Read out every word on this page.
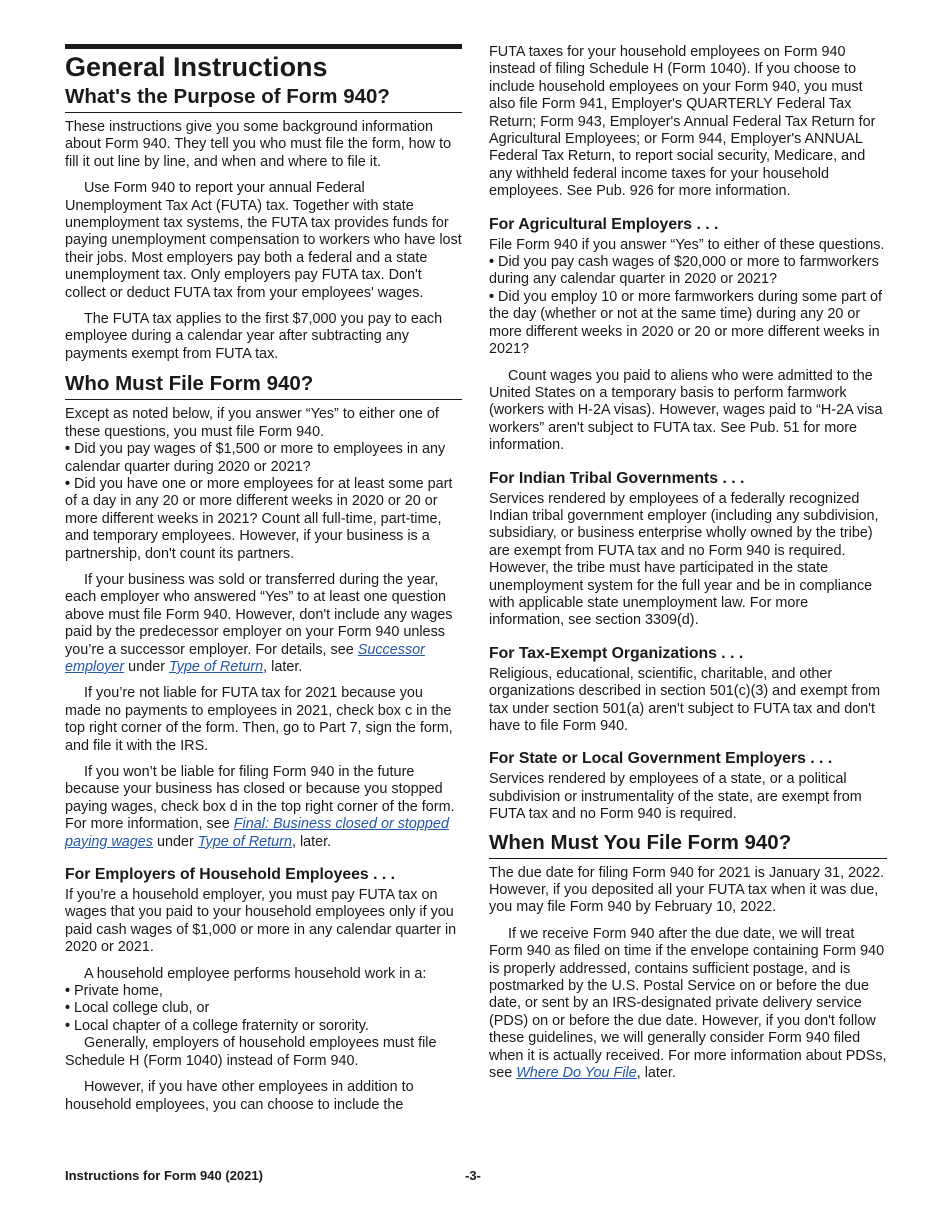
General Instructions
What's the Purpose of Form 940?

These instructions give you some background information about Form 940. They tell you who must file the form, how to fill it out line by line, and when and where to file it.

Use Form 940 to report your annual Federal Unemployment Tax Act (FUTA) tax. Together with state unemployment tax systems, the FUTA tax provides funds for paying unemployment compensation to workers who have lost their jobs. Most employers pay both a federal and a state unemployment tax. Only employers pay FUTA tax. Don't collect or deduct FUTA tax from your employees' wages.

The FUTA tax applies to the first $7,000 you pay to each employee during a calendar year after subtracting any payments exempt from FUTA tax.

Who Must File Form 940?

Except as noted below, if you answer “Yes” to either one of these questions, you must file Form 940.

• Did you pay wages of $1,500 or more to employees in any calendar quarter during 2020 or 2021?
• Did you have one or more employees for at least some part of a day in any 20 or more different weeks in 2020 or 20 or more different weeks in 2021? Count all full-time, part-time, and temporary employees. However, if your business is a partnership, don't count its partners.

If your business was sold or transferred during the year, each employer who answered “Yes” to at least one question above must file Form 940. However, don't include any wages paid by the predecessor employer on your Form 940 unless you’re a successor employer. For details, see Successor employer under Type of Return, later.

If you’re not liable for FUTA tax for 2021 because you made no payments to employees in 2021, check box c in the top right corner of the form. Then, go to Part 7, sign the form, and file it with the IRS.

If you won’t be liable for filing Form 940 in the future because your business has closed or because you stopped paying wages, check box d in the top right corner of the form. For more information, see Final: Business closed or stopped paying wages under Type of Return, later.

For Employers of Household Employees . . .

If you’re a household employer, you must pay FUTA tax on wages that you paid to your household employees only if you paid cash wages of $1,000 or more in any calendar quarter in 2020 or 2021.

A household employee performs household work in a:

• Private home,
• Local college club, or
• Local chapter of a college fraternity or sorority.

Generally, employers of household employees must file Schedule H (Form 1040) instead of Form 940.

However, if you have other employees in addition to household employees, you can choose to include the

FUTA taxes for your household employees on Form 940 instead of filing Schedule H (Form 1040). If you choose to include household employees on your Form 940, you must also file Form 941, Employer's QUARTERLY Federal Tax Return; Form 943, Employer's Annual Federal Tax Return for Agricultural Employees; or Form 944, Employer's ANNUAL Federal Tax Return, to report social security, Medicare, and any withheld federal income taxes for your household employees. See Pub. 926 for more information.

For Agricultural Employers . . .

File Form 940 if you answer “Yes” to either of these questions.

• Did you pay cash wages of $20,000 or more to farmworkers during any calendar quarter in 2020 or 2021?
• Did you employ 10 or more farmworkers during some part of the day (whether or not at the same time) during any 20 or more different weeks in 2020 or 20 or more different weeks in 2021?

Count wages you paid to aliens who were admitted to the United States on a temporary basis to perform farmwork (workers with H-2A visas). However, wages paid to “H-2A visa workers” aren't subject to FUTA tax. See Pub. 51 for more information.

For Indian Tribal Governments . . .

Services rendered by employees of a federally recognized Indian tribal government employer (including any subdivision, subsidiary, or business enterprise wholly owned by the tribe) are exempt from FUTA tax and no Form 940 is required. However, the tribe must have participated in the state unemployment system for the full year and be in compliance with applicable state unemployment law. For more information, see section 3309(d).

For Tax-Exempt Organizations . . .

Religious, educational, scientific, charitable, and other organizations described in section 501(c)(3) and exempt from tax under section 501(a) aren't subject to FUTA tax and don't have to file Form 940.

For State or Local Government Employers . . .

Services rendered by employees of a state, or a political subdivision or instrumentality of the state, are exempt from FUTA tax and no Form 940 is required.

When Must You File Form 940?

The due date for filing Form 940 for 2021 is January 31, 2022. However, if you deposited all your FUTA tax when it was due, you may file Form 940 by February 10, 2022.

If we receive Form 940 after the due date, we will treat Form 940 as filed on time if the envelope containing Form 940 is properly addressed, contains sufficient postage, and is postmarked by the U.S. Postal Service on or before the due date, or sent by an IRS-designated private delivery service (PDS) on or before the due date. However, if you don't follow these guidelines, we will generally consider Form 940 filed when it is actually received. For more information about PDSs, see Where Do You File, later.

Instructions for Form 940 (2021)	-3-
